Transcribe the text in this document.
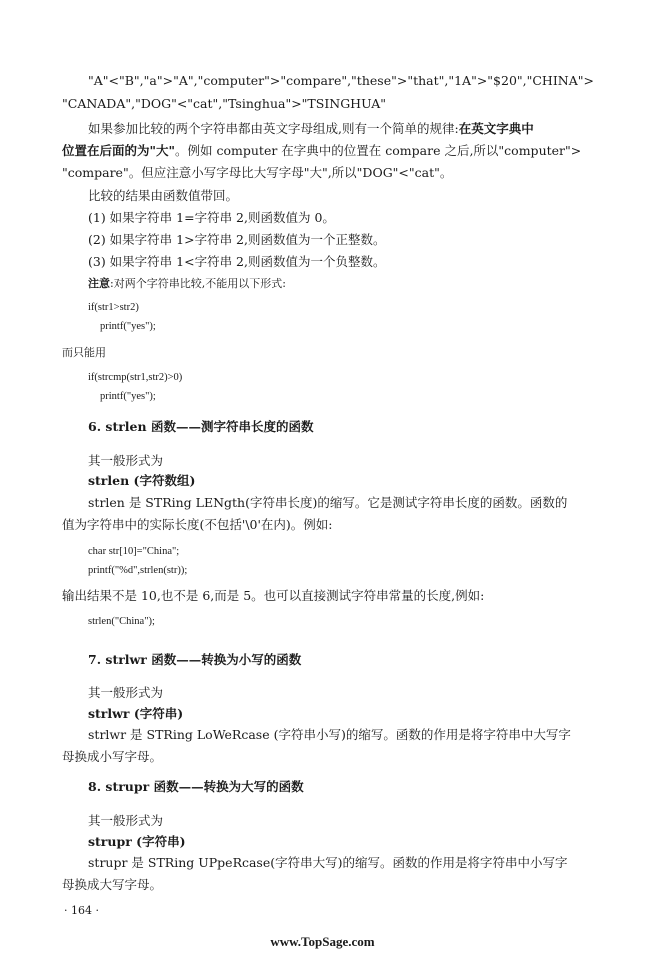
"A"<"B","a">"A","computer">"compare","these">"that","1A">"$20","CHINA">
"CANADA","DOG"<"cat","Tsinghua">"TSINGHUA"
如果参加比较的两个字符串都由英文字母组成,则有一个简单的规律:在英文字典中
位置在后面的为"大"。例如 computer 在字典中的位置在 compare 之后,所以"computer">
"compare"。但应注意小写字母比大写字母"大",所以"DOG"<"cat"。
比较的结果由函数值带回。
(1) 如果字符串 1=字符串 2,则函数值为 0。
(2) 如果字符串 1>字符串 2,则函数值为一个正整数。
(3) 如果字符串 1<字符串 2,则函数值为一个负整数。
注意:对两个字符串比较,不能用以下形式:
if(str1>str2)
printf("yes");
而只能用
if(strcmp(str1,str2)>0)
printf("yes");
6. strlen 函数——测字符串长度的函数
其一般形式为
strlen (字符数组)
strlen 是 STRing LENgth(字符串长度)的缩写。它是测试字符串长度的函数。函数的
值为字符串中的实际长度(不包括'\0'在内)。例如:
char str[10]="China";
printf("%d",strlen(str));
输出结果不是 10,也不是 6,而是 5。也可以直接测试字符串常量的长度,例如:
strlen("China");
7. strlwr 函数——转换为小写的函数
其一般形式为
strlwr (字符串)
strlwr 是 STRing LoWeRcase (字符串小写)的缩写。函数的作用是将字符串中大写字
母换成小写字母。
8. strupr 函数——转换为大写的函数
其一般形式为
strupr (字符串)
strupr 是 STRing UPpeRcase(字符串大写)的缩写。函数的作用是将字符串中小写字
母换成大写字母。
· 164 ·
www.TopSage.com
